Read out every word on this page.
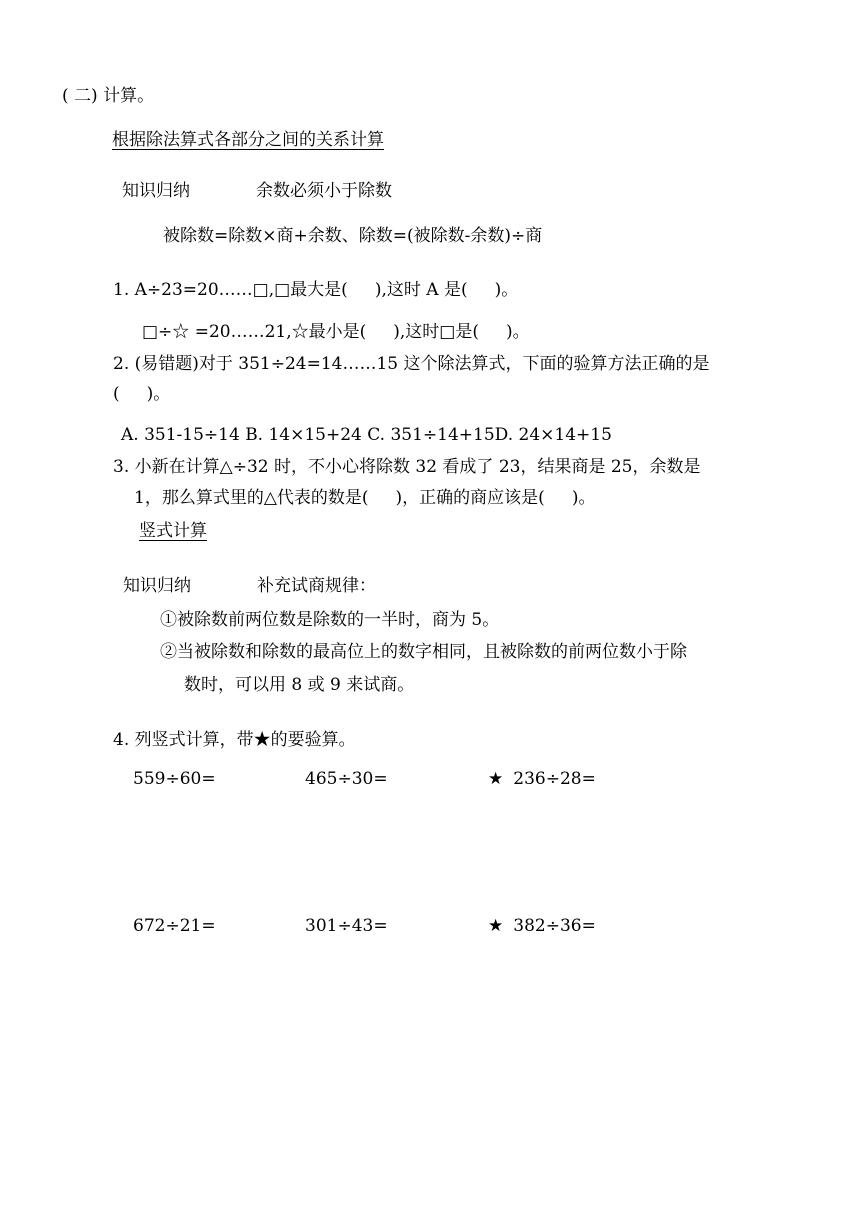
( 二) 计算。
根据除法算式各部分之间的关系计算
知识归纳	余数必须小于除数
被除数=除数×商+余数、除数=(被除数-余数)÷商
1. A÷23=20……□,□最大是(     ),这时 A 是(     )。
□÷☆ =20……21,☆最小是(     ),这时□是(     )。
2. (易错题)对于 351÷24=14……15 这个除法算式，下面的验算方法正确的是
(     )。
A. 351-15÷14 B. 14×15+24 C. 351÷14+15D. 24×14+15
3. 小新在计算△÷32 时，不小心将除数 32 看成了 23，结果商是 25，余数是
1，那么算式里的△代表的数是(     )，正确的商应该是(     )。
竖式计算
知识归纳	补充试商规律：
①被除数前两位数是除数的一半时，商为 5。
②当被除数和除数的最高位上的数字相同，且被除数的前两位数小于除
数时，可以用 8 或 9 来试商。
4. 列竖式计算，带★的要验算。
559÷60=	465÷30=	★ 236÷28=
672÷21=	301÷43=	★ 382÷36=
